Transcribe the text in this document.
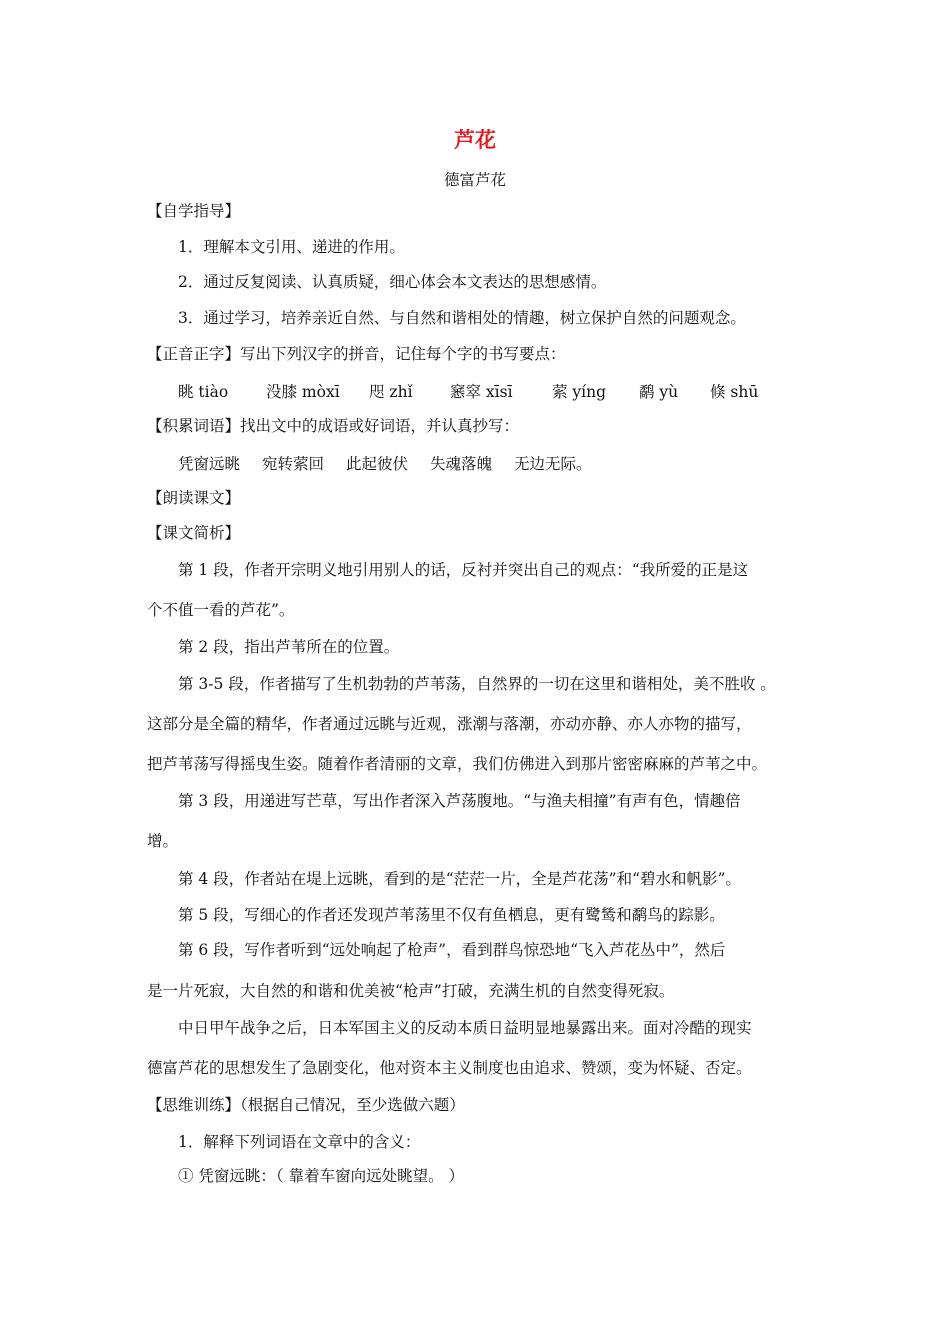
芦花
德富芦花
【自学指导】
1．理解本文引用、递进的作用。
2．通过反复阅读、认真质疑，细心体会本文表达的思想感情。
3．通过学习，培养亲近自然、与自然和谐相处的情趣，树立保护自然的问题观念。
【正音正字】写出下列汉字的拼音，记住每个字的书写要点：
眺 tiào 没膝 mòxī 咫 zhǐ 窸窣 xīsī	萦 yíng 鹬 yù 倏 shū
【积累词语】找出文中的成语或好词语，并认真抄写：
凭窗远眺 宛转萦回 此起彼伏 失魂落魄 无边无际。
【朗读课文】
【课文简析】
第 1 段，作者开宗明义地引用别人的话，反衬并突出自己的观点：“我所爱的正是这
个不值一看的芦花”。
第 2 段，指出芦苇所在的位置。
第 3-5 段，作者描写了生机勃勃的芦苇荡，自然界的一切在这里和谐相处，美不胜收 。
这部分是全篇的精华，作者通过远眺与近观，涨潮与落潮，亦动亦静、亦人亦物的描写，
把芦苇荡写得摇曳生姿。随着作者清丽的文章，我们仿佛进入到那片密密麻麻的芦苇之中。
第 3 段，用递进写芒草，写出作者深入芦荡腹地。“与渔夫相撞”有声有色，情趣倍
增。
第 4 段，作者站在堤上远眺，看到的是“茫茫一片，全是芦花荡”和“碧水和帆影”。
第 5 段，写细心的作者还发现芦苇荡里不仅有鱼栖息，更有鹭鸶和鹬鸟的踪影。
第 6 段，写作者听到“远处响起了枪声”，看到群鸟惊恐地“飞入芦花丛中”，然后
是一片死寂，大自然的和谐和优美被“枪声”打破，充满生机的自然变得死寂。
中日甲午战争之后，日本军国主义的反动本质日益明显地暴露出来。面对冷酷的现实
德富芦花的思想发生了急剧变化，他对资本主义制度也由追求、赞颂，变为怀疑、否定。
【思维训练】（根据自己情况，至少选做六题）
1．解释下列词语在文章中的含义：
① 凭窗远眺：（ 靠着车窗向远处眺望。 ）
